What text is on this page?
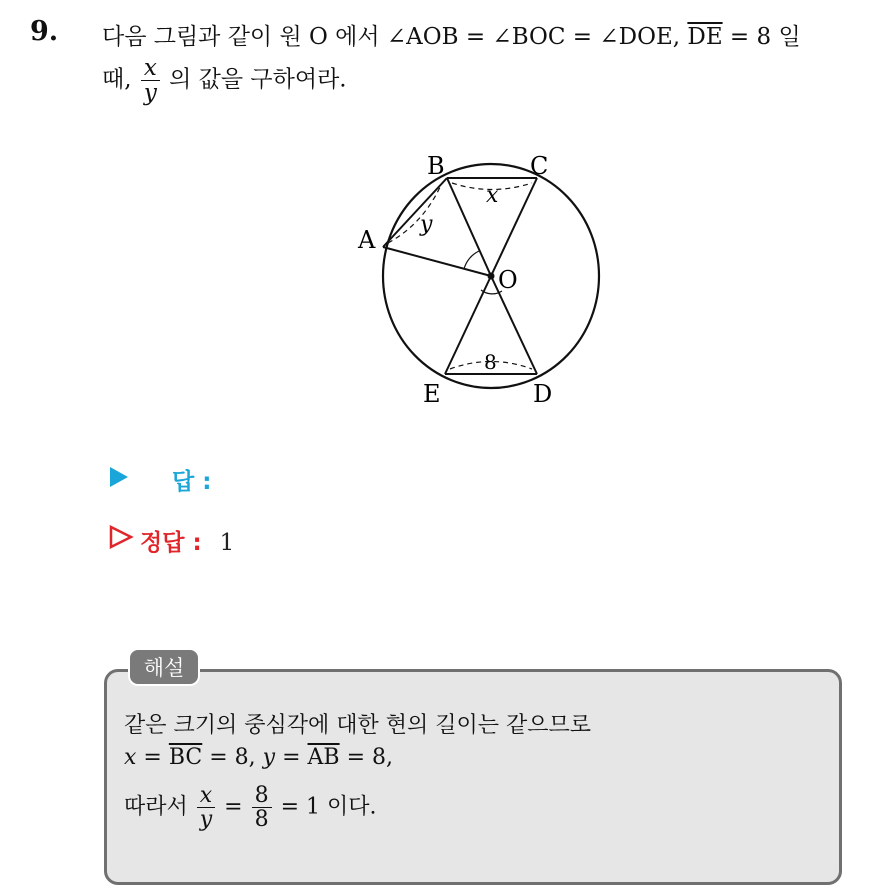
9. 다음 그림과 같이 원 O 에서 ∠AOB = ∠BOC = ∠DOE, $\overline{DE} = 8$ 일
때, $\frac{x}{y}$ 의 값을 구하여라.
B	C
A
O
E	D
x
y
8
답 :
정답 : 1
해설
같은 크기의 중심각에 대한 현의 길이는 같으므로
$x = \overline{BC} = 8$, $y = \overline{AB} = 8$,
따라서 $\frac{x}{y} = \frac{8}{8} = 1$ 이다.
